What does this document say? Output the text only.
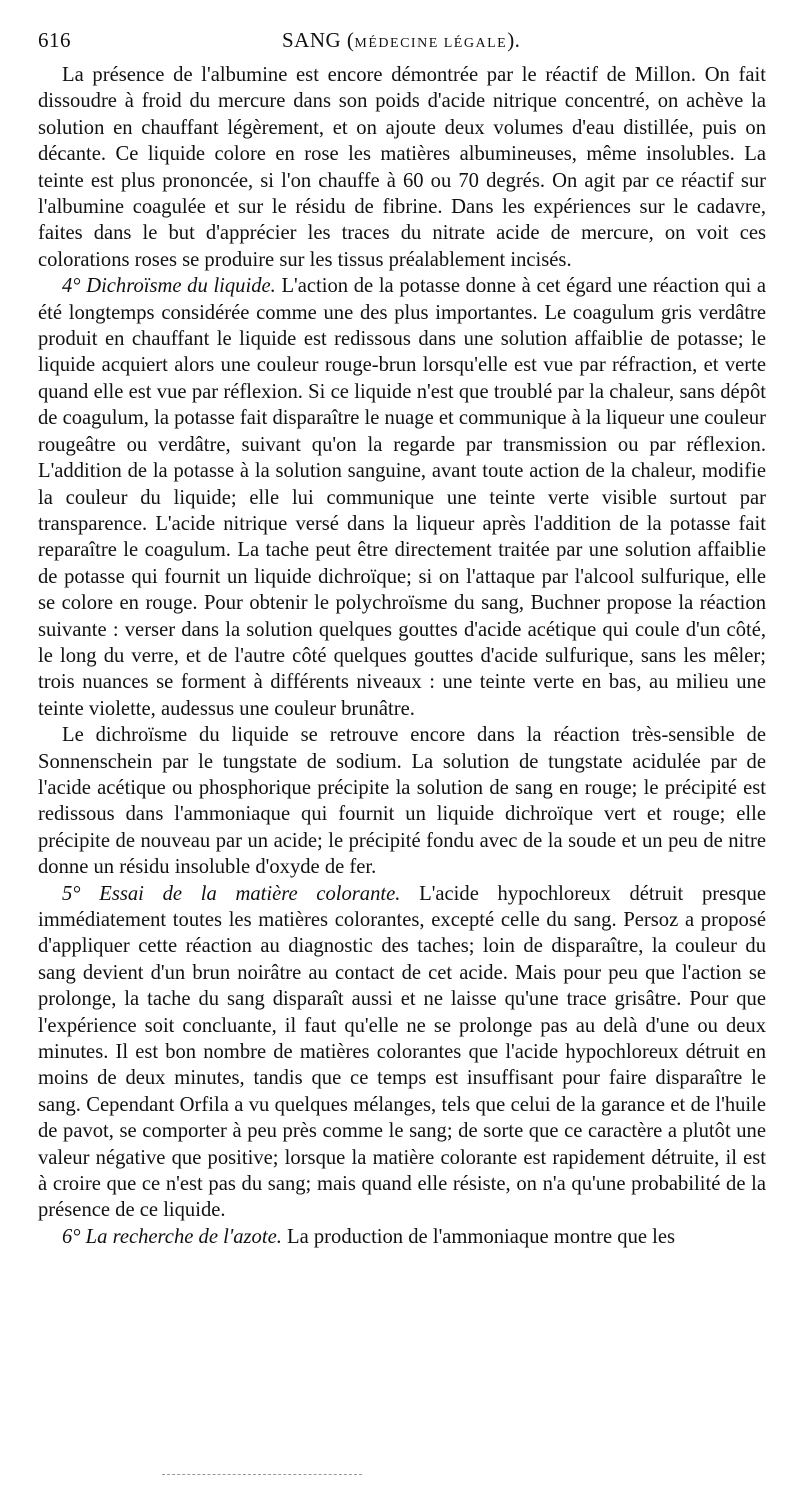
616	SANG (MÉDECINE LÉGALE).

La présence de l'albumine est encore démontrée par le réactif de Millon. On fait dissoudre à froid du mercure dans son poids d'acide nitrique concentré, on achève la solution en chauffant légèrement, et on ajoute deux volumes d'eau distillée, puis on décante. Ce liquide colore en rose les matières albumineuses, même insolubles. La teinte est plus prononcée, si l'on chauffe à 60 ou 70 degrés. On agit par ce réactif sur l'albumine coagulée et sur le résidu de fibrine. Dans les expériences sur le cadavre, faites dans le but d'apprécier les traces du nitrate acide de mercure, on voit ces colorations roses se produire sur les tissus préalablement incisés.

4° Dichroïsme du liquide. L'action de la potasse donne à cet égard une réaction qui a été longtemps considérée comme une des plus importantes. Le coagulum gris verdâtre produit en chauffant le liquide est redissous dans une solution affaiblie de potasse; le liquide acquiert alors une couleur rouge-brun lorsqu'elle est vue par réfraction, et verte quand elle est vue par réflexion. Si ce liquide n'est que troublé par la chaleur, sans dépôt de coagulum, la potasse fait disparaître le nuage et communique à la liqueur une couleur rougeâtre ou verdâtre, suivant qu'on la regarde par transmission ou par réflexion. L'addition de la potasse à la solution sanguine, avant toute action de la chaleur, modifie la couleur du liquide; elle lui communique une teinte verte visible surtout par transparence. L'acide nitrique versé dans la liqueur après l'addition de la potasse fait reparaître le coagulum. La tache peut être directement traitée par une solution affaiblie de potasse qui fournit un liquide dichroïque; si on l'attaque par l'alcool sulfurique, elle se colore en rouge. Pour obtenir le polychroïsme du sang, Buchner propose la réaction suivante : verser dans la solution quelques gouttes d'acide acétique qui coule d'un côté, le long du verre, et de l'autre côté quelques gouttes d'acide sulfurique, sans les mêler; trois nuances se forment à différents niveaux : une teinte verte en bas, au milieu une teinte violette, audessus une couleur brunâtre.

Le dichroïsme du liquide se retrouve encore dans la réaction très-sensible de Sonnenschein par le tungstate de sodium. La solution de tungstate acidulée par de l'acide acétique ou phosphorique précipite la solution de sang en rouge; le précipité est redissous dans l'ammoniaque qui fournit un liquide dichroïque vert et rouge; elle précipite de nouveau par un acide; le précipité fondu avec de la soude et un peu de nitre donne un résidu insoluble d'oxyde de fer.

5° Essai de la matière colorante. L'acide hypochloreux détruit presque immédiatement toutes les matières colorantes, excepté celle du sang. Persoz a proposé d'appliquer cette réaction au diagnostic des taches; loin de disparaître, la couleur du sang devient d'un brun noirâtre au contact de cet acide. Mais pour peu que l'action se prolonge, la tache du sang disparaît aussi et ne laisse qu'une trace grisâtre. Pour que l'expérience soit concluante, il faut qu'elle ne se prolonge pas au delà d'une ou deux minutes. Il est bon nombre de matières colorantes que l'acide hypochloreux détruit en moins de deux minutes, tandis que ce temps est insuffisant pour faire disparaître le sang. Cependant Orfila a vu quelques mélanges, tels que celui de la garance et de l'huile de pavot, se comporter à peu près comme le sang; de sorte que ce caractère a plutôt une valeur négative que positive; lorsque la matière colorante est rapidement détruite, il est à croire que ce n'est pas du sang; mais quand elle résiste, on n'a qu'une probabilité de la présence de ce liquide.

6° La recherche de l'azote. La production de l'ammoniaque montre que les
